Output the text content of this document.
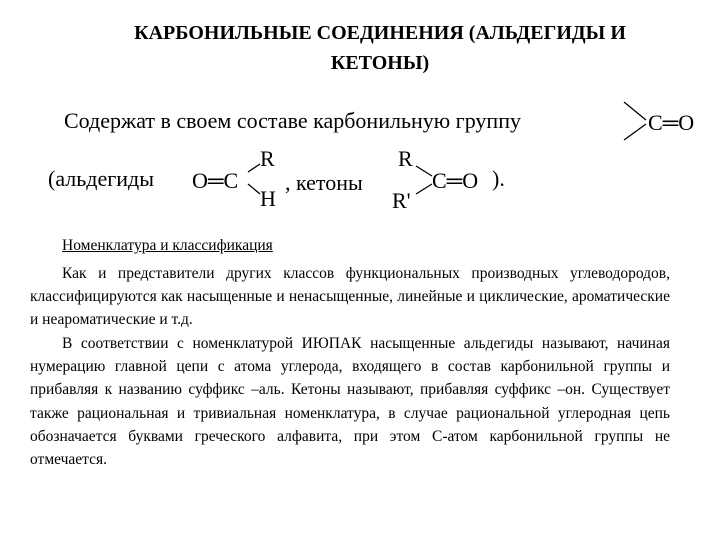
КАРБОНИЛЬНЫЕ СОЕДИНЕНИЯ (АЛЬДЕГИДЫ И
КЕТОНЫ)
Содержат в своем составе карбонильную группу	C═O
(альдегиды O═C
R
H
, кетоны
R
R'
C═O ).
Номенклатура и классификация
Как и представители других классов функциональных производных углеводородов, классифицируются как насыщенные и ненасыщенные, линейные и циклические, ароматические и неароматические и т.д.
В соответствии с номенклатурой ИЮПАК насыщенные альдегиды называют, начиная нумерацию главной цепи с атома углерода, входящего в состав карбонильной группы и прибавляя к названию суффикс –аль. Кетоны называют, прибавляя суффикс –он. Существует также рациональная и тривиальная номенклатура, в случае рациональной углеродная цепь обозначается буквами греческого алфавита, при этом С-атом карбонильной группы не отмечается.
